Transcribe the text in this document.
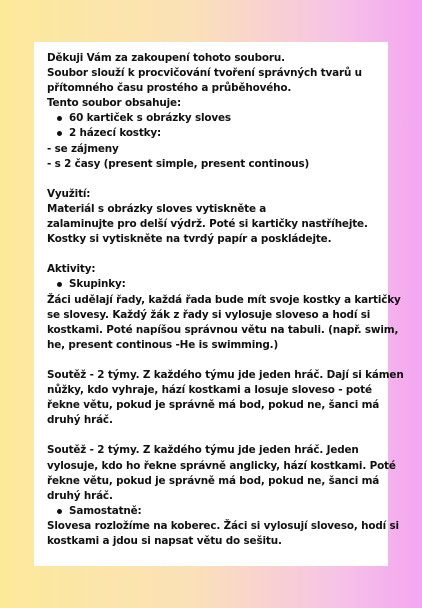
Děkuji Vám za zakoupení tohoto souboru.
Soubor slouží k procvičování tvoření správných tvarů u
přítomného času prostého a průběhového.
Tento soubor obsahuje:
60 kartiček s obrázky sloves
2 házecí kostky:
- se zájmeny
- s 2 časy (present simple, present continous)
Využití:
Materiál s obrázky sloves vytiskněte a
zalaminujte pro delší výdrž. Poté si kartičky nastříhejte.
Kostky si vytiskněte na tvrdý papír a poskládejte.
Aktivity:
Skupinky:
Žáci udělají řady, každá řada bude mít svoje kostky a kartičky
se slovesy. Každý žák z řady si vylosuje sloveso a hodí si
kostkami. Poté napíšou správnou větu na tabuli. (např. swim,
he, present continous -He is swimming.)
Soutěž - 2 týmy. Z každého týmu jde jeden hráč. Dají si kámen
nůžky, kdo vyhraje, hází kostkami a losuje sloveso - poté
řekne větu, pokud je správně má bod, pokud ne, šanci má
druhý hráč.
Soutěž - 2 týmy. Z každého týmu jde jeden hráč. Jeden
vylosuje, kdo ho řekne správně anglicky, hází kostkami. Poté
řekne větu, pokud je správně má bod, pokud ne, šanci má
druhý hráč.
Samostatně:
Slovesa rozložíme na koberec. Žáci si vylosují sloveso, hodí si
kostkami a jdou si napsat větu do sešitu.
